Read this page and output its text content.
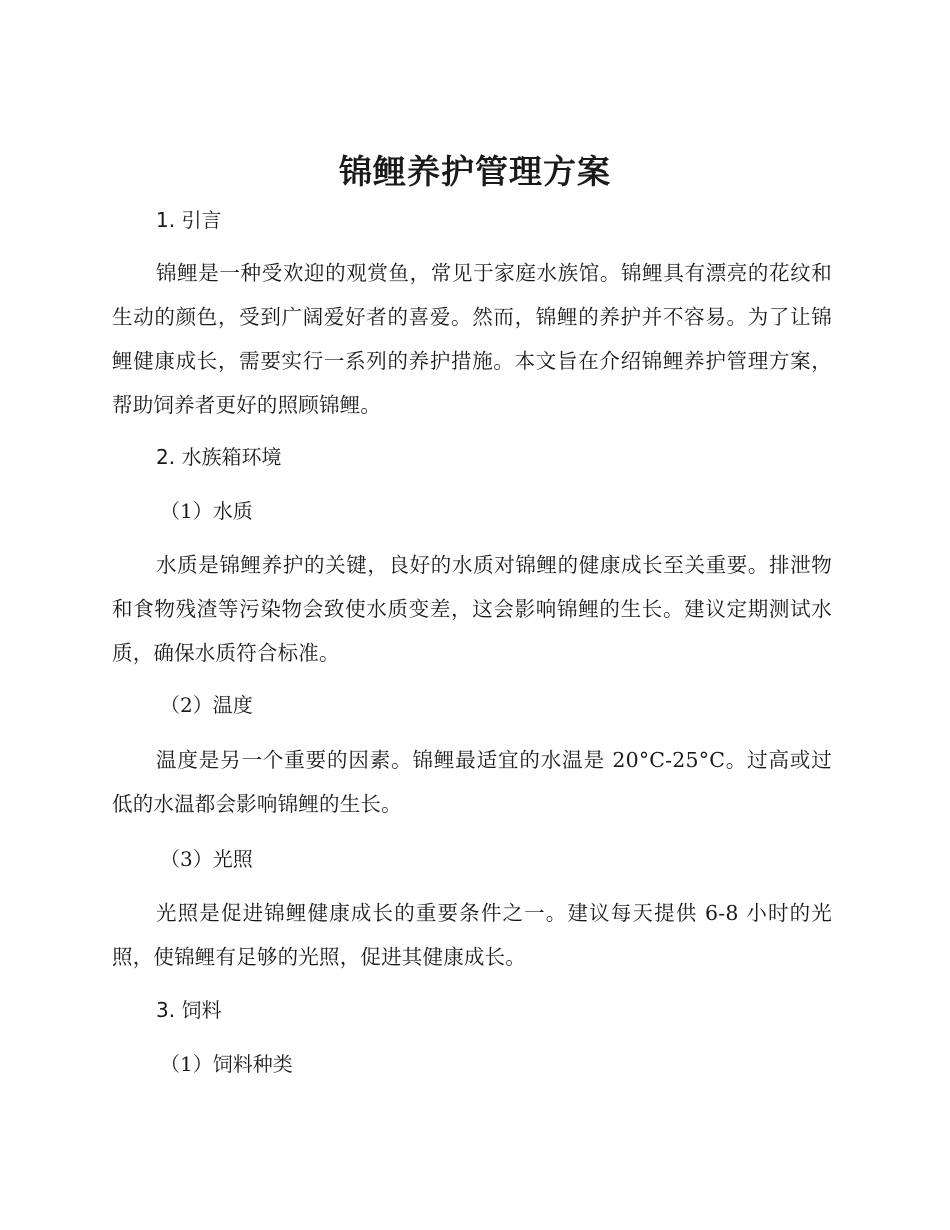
锦鲤养护管理方案
1. 引言
锦鲤是一种受欢迎的观赏鱼，常见于家庭水族馆。锦鲤具有漂亮的花纹和生动的颜色，受到广阔爱好者的喜爱。然而，锦鲤的养护并不容易。为了让锦鲤健康成长，需要实行一系列的养护措施。本文旨在介绍锦鲤养护管理方案，帮助饲养者更好的照顾锦鲤。
2. 水族箱环境
（1）水质
水质是锦鲤养护的关键，良好的水质对锦鲤的健康成长至关重要。排泄物和食物残渣等污染物会致使水质变差，这会影响锦鲤的生长。建议定期测试水质，确保水质符合标准。
（2）温度
温度是另一个重要的因素。锦鲤最适宜的水温是 20°C-25°C。过高或过低的水温都会影响锦鲤的生长。
（3）光照
光照是促进锦鲤健康成长的重要条件之一。建议每天提供 6-8 小时的光照，使锦鲤有足够的光照，促进其健康成长。
3. 饲料
（1）饲料种类
